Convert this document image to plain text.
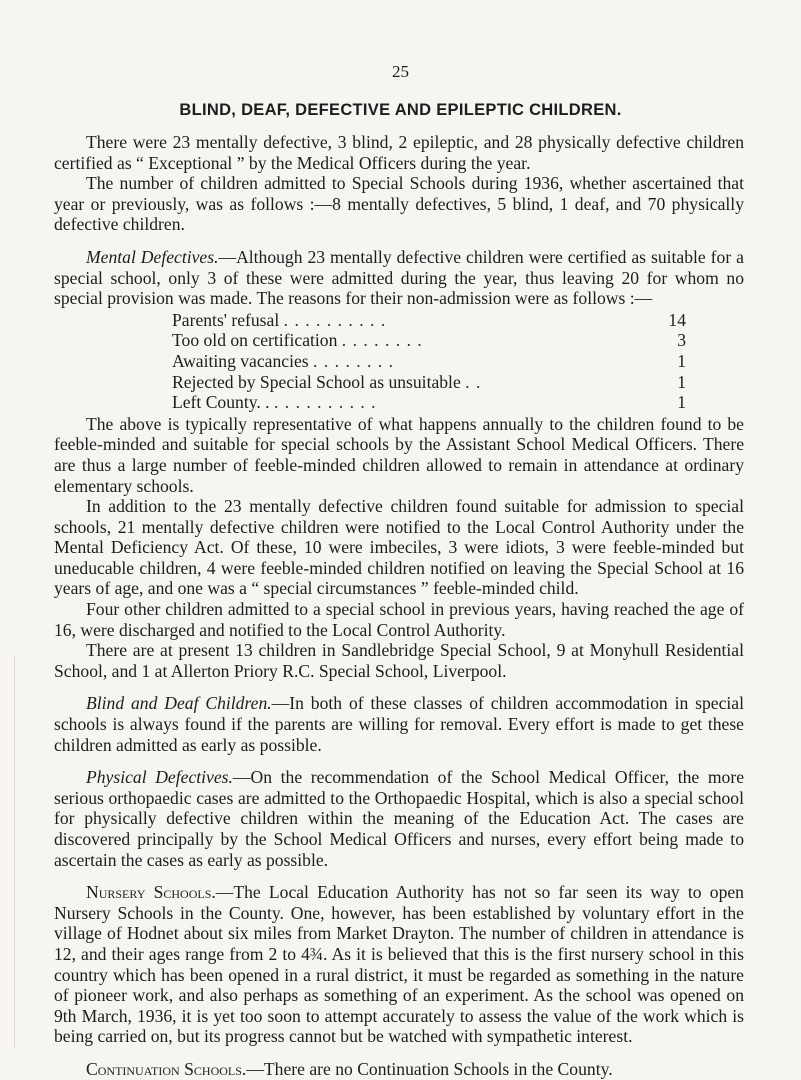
25
BLIND, DEAF, DEFECTIVE AND EPILEPTIC CHILDREN.

There were 23 mentally defective, 3 blind, 2 epileptic, and 28 physically defective children certified as “ Exceptional ” by the Medical Officers during the year.

The number of children admitted to Special Schools during 1936, whether ascertained that year or previously, was as follows :—8 mentally defectives, 5 blind, 1 deaf, and 70 physically defective children.

Mental Defectives.—Although 23 mentally defective children were certified as suitable for a special school, only 3 of these were admitted during the year, thus leaving 20 for whom no special provision was made. The reasons for their non-admission were as follows :—

Parents' refusal . . . . . . . . . .	14
Too old on certification . . . . . . . .	3
Awaiting vacancies . . . . . . . .	1
Rejected by Special School as unsuitable . .	1
Left County. . . . . . . . . . . .	1

The above is typically representative of what happens annually to the children found to be feeble-minded and suitable for special schools by the Assistant School Medical Officers. There are thus a large number of feeble-minded children allowed to remain in attendance at ordinary elementary schools.

In addition to the 23 mentally defective children found suitable for admission to special schools, 21 mentally defective children were notified to the Local Control Authority under the Mental Deficiency Act. Of these, 10 were imbeciles, 3 were idiots, 3 were feeble-minded but uneducable children, 4 were feeble-minded children notified on leaving the Special School at 16 years of age, and one was a “ special circumstances ” feeble-minded child.

Four other children admitted to a special school in previous years, having reached the age of 16, were discharged and notified to the Local Control Authority.

There are at present 13 children in Sandlebridge Special School, 9 at Monyhull Residential School, and 1 at Allerton Priory R.C. Special School, Liverpool.

Blind and Deaf Children.—In both of these classes of children accommodation in special schools is always found if the parents are willing for removal. Every effort is made to get these children admitted as early as possible.

Physical Defectives.—On the recommendation of the School Medical Officer, the more serious orthopaedic cases are admitted to the Orthopaedic Hospital, which is also a special school for physically defective children within the meaning of the Education Act. The cases are discovered principally by the School Medical Officers and nurses, every effort being made to ascertain the cases as early as possible.

Nursery Schools.—The Local Education Authority has not so far seen its way to open Nursery Schools in the County. One, however, has been established by voluntary effort in the village of Hodnet about six miles from Market Drayton. The number of children in attendance is 12, and their ages range from 2 to 4¾. As it is believed that this is the first nursery school in this country which has been opened in a rural district, it must be regarded as something in the nature of pioneer work, and also perhaps as something of an experiment. As the school was opened on 9th March, 1936, it is yet too soon to attempt accurately to assess the value of the work which is being carried on, but its progress cannot but be watched with sympathetic interest.

Continuation Schools.—There are no Continuation Schools in the County.
